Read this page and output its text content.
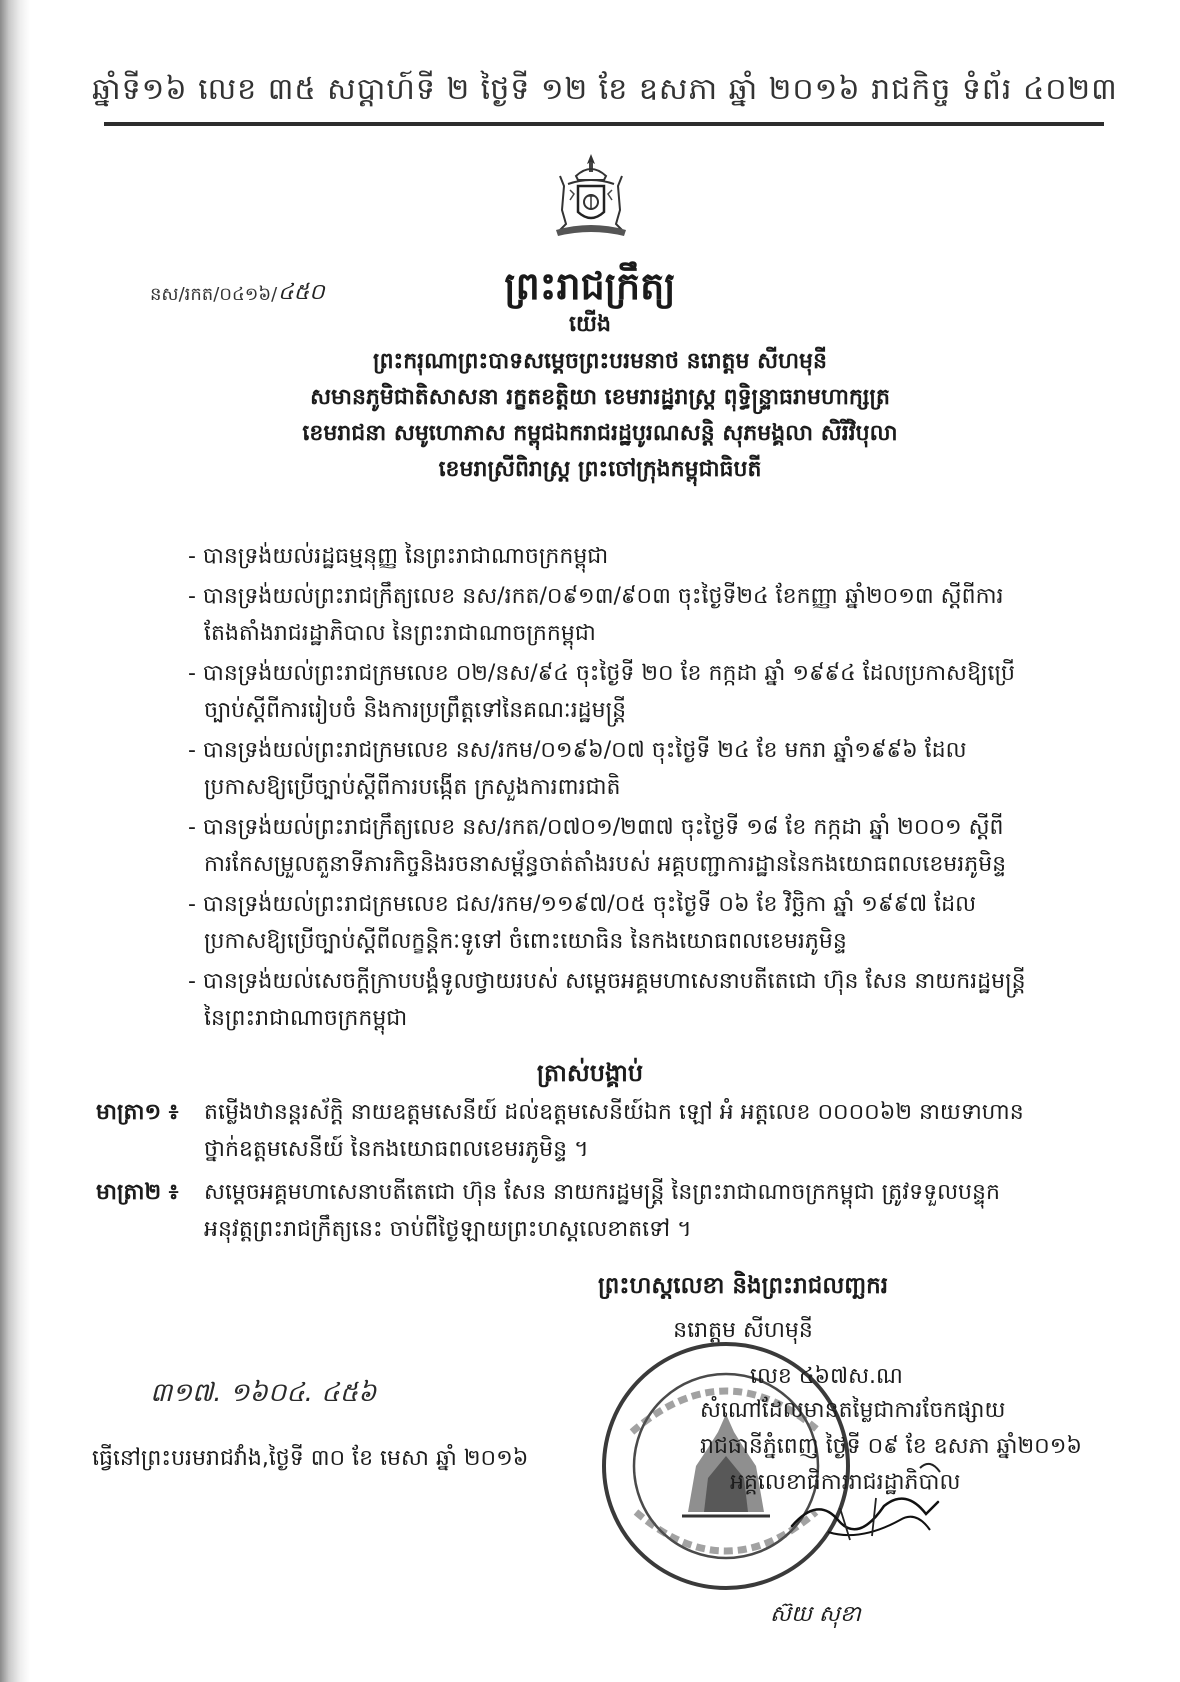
ឆ្នាំទី១៦ លេខ ៣៥ សប្តាហ៍ទី ២ ថ្ងៃទី ១២ ខែ ឧសភា ឆ្នាំ ២០១៦ រាជកិច្ច ទំព័រ ៤០២៣
នស/រកត/០៤១៦/ ៤៥០	ព្រះរាជក្រឹត្យ
យើង
ព្រះករុណាព្រះបាទសម្តេចព្រះបរមនាថ នរោត្តម សីហមុនី
សមានភូមិជាតិសាសនា រក្ខតខត្តិយា ខេមរារដ្ឋរាស្ត្រ ពុទ្ធិន្ទ្រាធរាមហាក្សត្រ
ខេមរាជនា សមូហោភាស កម្ពុជឯករាជរដ្ឋបូរណសន្តិ សុភមង្គលា សិរីវិបុលា
ខេមរាស្រីពិរាស្ត្រ ព្រះចៅក្រុងកម្ពុជាធិបតី
- បានទ្រង់យល់រដ្ឋធម្មនុញ្ញ នៃព្រះរាជាណាចក្រកម្ពុជា
- បានទ្រង់យល់ព្រះរាជក្រឹត្យលេខ នស/រកត/០៩១៣/៩០៣ ចុះថ្ងៃទី២៤ ខែកញ្ញា ឆ្នាំ២០១៣ ស្តីពីការតែងតាំងរាជរដ្ឋាភិបាល នៃព្រះរាជាណាចក្រកម្ពុជា
- បានទ្រង់យល់ព្រះរាជក្រមលេខ ០២/នស/៩៤ ចុះថ្ងៃទី ២០ ខែ កក្កដា ឆ្នាំ ១៩៩៤ ដែលប្រកាសឱ្យប្រើច្បាប់ស្តីពីការរៀបចំ និងការប្រព្រឹត្តទៅនៃគណៈរដ្ឋមន្ត្រី
- បានទ្រង់យល់ព្រះរាជក្រមលេខ នស/រកម/០១៩៦/០៧ ចុះថ្ងៃទី ២៤ ខែ មករា ឆ្នាំ១៩៩៦ ដែលប្រកាសឱ្យប្រើច្បាប់ស្តីពីការបង្កើត ក្រសួងការពារជាតិ
- បានទ្រង់យល់ព្រះរាជក្រឹត្យលេខ នស/រកត/០៧០១/២៣៧ ចុះថ្ងៃទី ១៨ ខែ កក្កដា ឆ្នាំ ២០០១ ស្តីពីការកែសម្រួលតួនាទីភារកិច្ចនិងរចនាសម្ព័ន្ធចាត់តាំងរបស់ អគ្គបញ្ជាការដ្ឋាននៃកងយោធពលខេមរភូមិន្ទ
- បានទ្រង់យល់ព្រះរាជក្រមលេខ ជស/រកម/១១៩៧/០៥ ចុះថ្ងៃទី ០៦ ខែ វិច្ឆិកា ឆ្នាំ ១៩៩៧ ដែលប្រកាសឱ្យប្រើច្បាប់ស្តីពីលក្ខន្តិកៈទូទៅ ចំពោះយោធិន នៃកងយោធពលខេមរភូមិន្ទ
- បានទ្រង់យល់សេចក្តីក្រាបបង្គំទូលថ្វាយរបស់ សម្តេចអគ្គមហាសេនាបតីតេជោ ហ៊ុន សែន នាយករដ្ឋមន្ត្រីនៃព្រះរាជាណាចក្រកម្ពុជា
ត្រាស់បង្គាប់
មាត្រា១ ៖ តម្លើងឋានន្តរស័ក្តិ នាយឧត្តមសេនីយ៍ ដល់ឧត្តមសេនីយ៍ឯក ឡៅ អំ អត្តលេខ ០០០០៦២ នាយទាហានថ្នាក់ឧត្តមសេនីយ៍ នៃកងយោធពលខេមរភូមិន្ទ ។
មាត្រា២ ៖ សម្តេចអគ្គមហាសេនាបតីតេជោ ហ៊ុន សែន នាយករដ្ឋមន្ត្រី នៃព្រះរាជាណាចក្រកម្ពុជា ត្រូវទទួលបន្ទុកអនុវត្តព្រះរាជក្រឹត្យនេះ ចាប់ពីថ្ងៃឡាយព្រះហស្តលេខាតទៅ ។
ព្រះហស្តលេខា និងព្រះរាជលញ្ឆករ
នរោត្តម សីហមុនី
លេខ ៤៦៧ស.ណ
សំណៅដែលមានតម្លៃជាការចែកផ្សាយ
រាជធានីភ្នំពេញ ថ្ងៃទី ០៩ ខែ ឧសភា ឆ្នាំ២០១៦
អគ្គលេខាធិការរាជរដ្ឋាភិបាល
៣១៧. ១៦០៤. ៤៥៦
ធ្វើនៅព្រះបរមរាជវាំង,ថ្ងៃទី ៣០ ខែ មេសា ឆ្នាំ ២០១៦
ស៊យ សុខា
